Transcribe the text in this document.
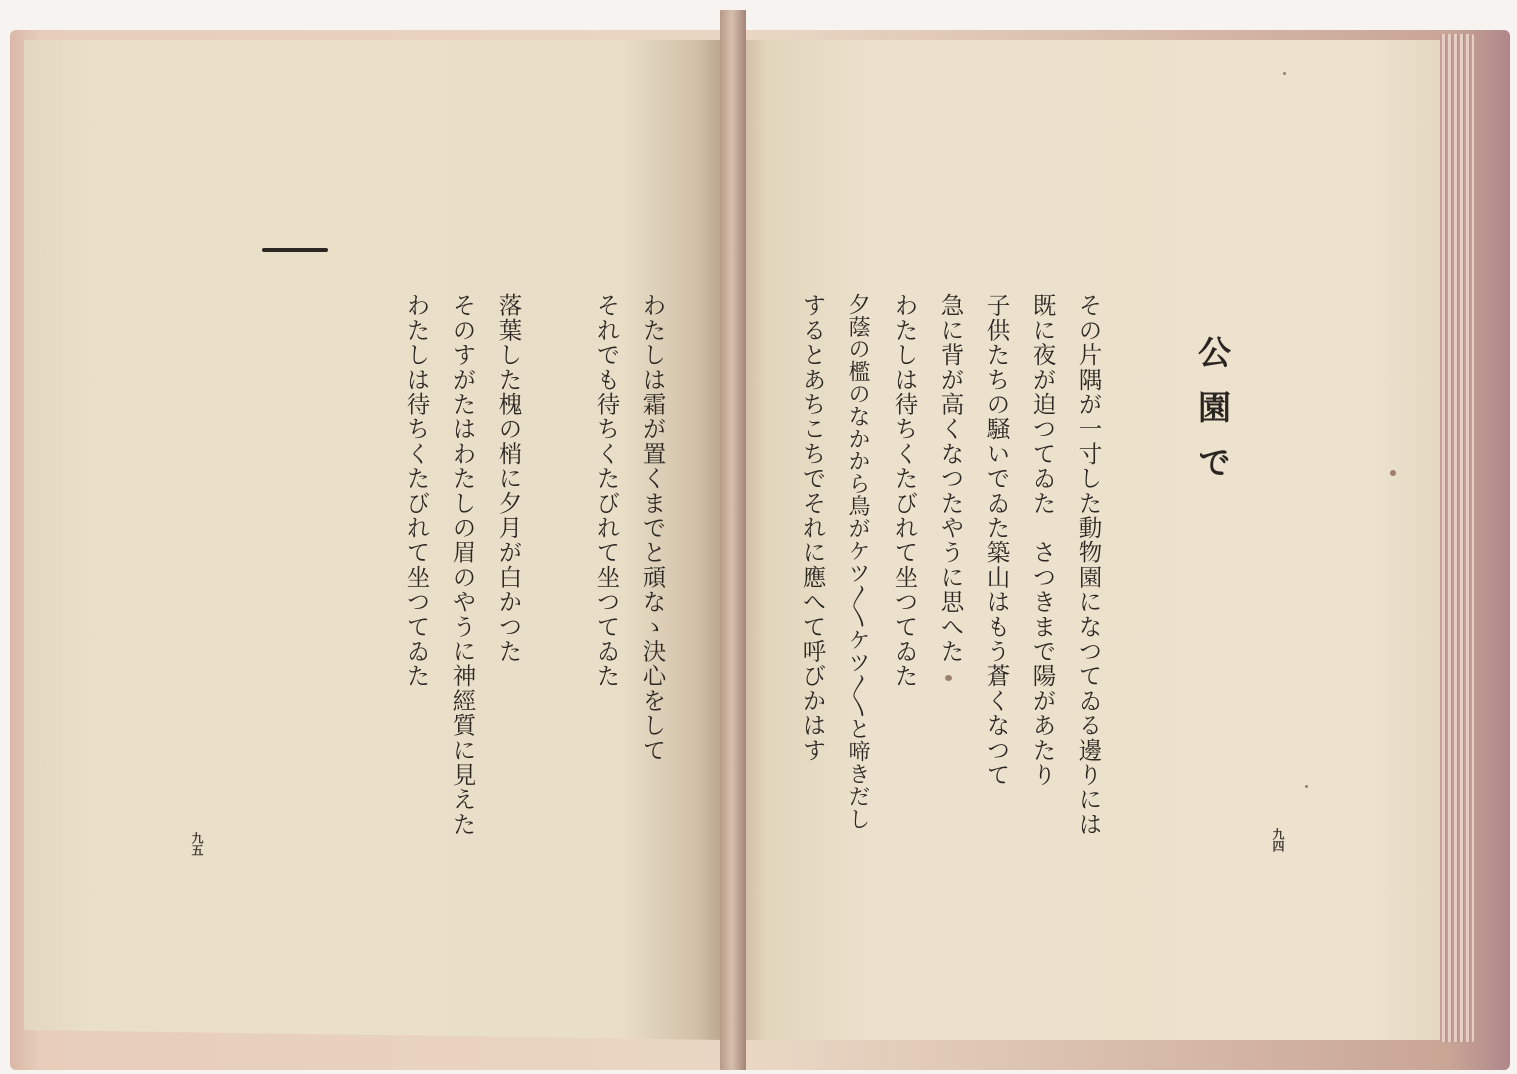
公園で
その片隅が一寸した動物園になつてゐる邊りには
既に夜が迫つてゐた　さつきまで陽があたり
子供たちの騒いでゐた築山はもう蒼くなつて
急に背が高くなつたやうに思へた
わたしは待ちくたびれて坐つてゐた
夕蔭の檻のなかから鳥がケツ〳〵ケツ〳〵と啼きだし
するとあちこちでそれに應へて呼びかはす
九四
わたしは霜が置くまでと頑なゝ決心をして
それでも待ちくたびれて坐つてゐた
落葉した槐の梢に夕月が白かつた
そのすがたはわたしの眉のやうに神經質に見えた
わたしは待ちくたびれて坐つてゐた
九五
